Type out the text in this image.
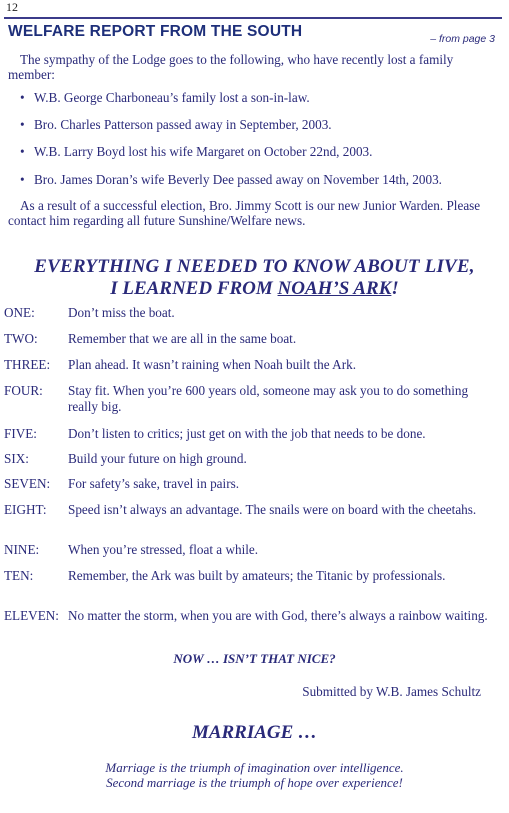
12
WELFARE REPORT FROM THE SOUTH	– from page 3
The sympathy of the Lodge goes to the following, who have recently lost a family member:
• W.B. George Charboneau’s family lost a son-in-law.
• Bro. Charles Patterson passed away in September, 2003.
• W.B. Larry Boyd lost his wife Margaret on October 22nd, 2003.
• Bro. James Doran’s wife Beverly Dee passed away on November 14th, 2003.
As a result of a successful election, Bro. Jimmy Scott is our new Junior Warden. Please contact him regarding all future Sunshine/Welfare news.
EVERYTHING I NEEDED TO KNOW ABOUT LIVE,
I LEARNED FROM NOAH’S ARK!
ONE:	Don’t miss the boat.
TWO: Remember that we are all in the same boat.
THREE: Plan ahead. It wasn’t raining when Noah built the Ark.
FOUR: Stay fit. When you’re 600 years old, someone may ask you to do something really big.
FIVE: Don’t listen to critics; just get on with the job that needs to be done.
SIX:	Build your future on high ground.
SEVEN: For safety’s sake, travel in pairs.
EIGHT: Speed isn’t always an advantage. The snails were on board with the cheetahs.
NINE: When you’re stressed, float a while.
TEN:	Remember, the Ark was built by amateurs; the Titanic by professionals.
ELEVEN: No matter the storm, when you are with God, there’s always a rainbow waiting.
NOW … ISN’T THAT NICE?
Submitted by W.B. James Schultz
MARRIAGE …
Marriage is the triumph of imagination over intelligence.
Second marriage is the triumph of hope over experience!
